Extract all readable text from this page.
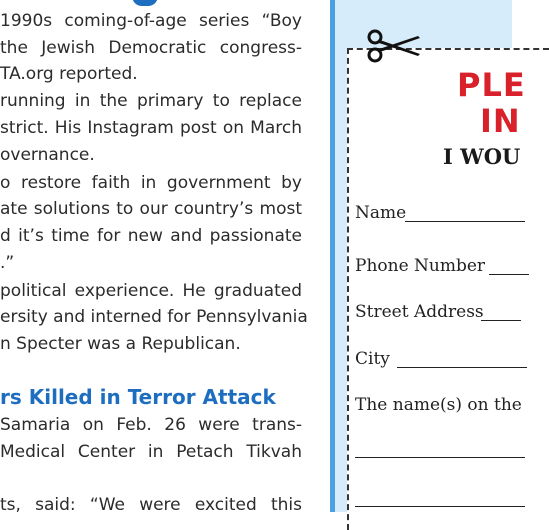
1990s coming-of-age series “Boy
the Jewish Democratic congress-
TA.org reported.
running in the primary to replace
strict. His Instagram post on March
overnance.
o restore faith in government by
ate solutions to our country’s most
d it’s time for new and passionate
.”
political experience. He graduated
ersity and interned for Pennsylvania
n Specter was a Republican.
rs Killed in Terror Attack
Samaria on Feb. 26 were trans-
Medical Center in Petach Tikvah
ts, said: “We were excited this
PLE
IN
I WOU
Name
Phone Number
Street Address
City
The name(s) on the
